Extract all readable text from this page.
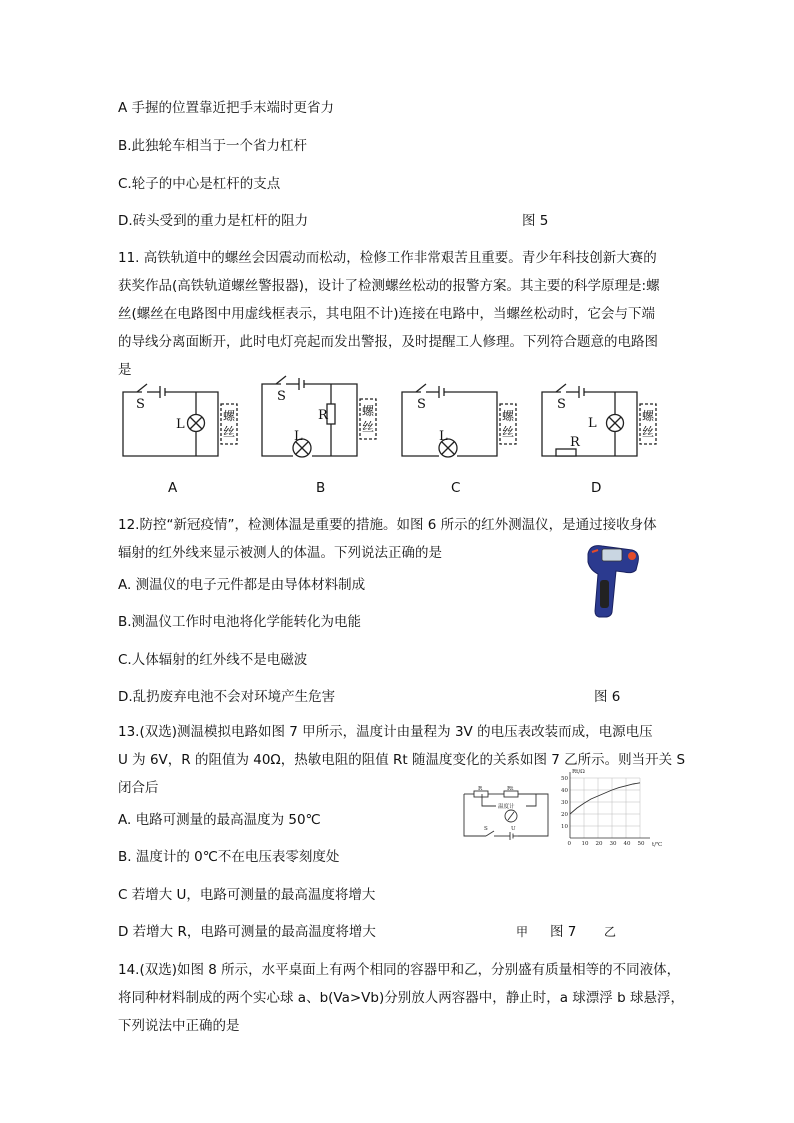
A 手握的位置靠近把手末端时更省力
B.此独轮车相当于一个省力杠杆
C.轮子的中心是杠杆的支点
D.砖头受到的重力是杠杆的阻力	图 5
11. 高铁轨道中的螺丝会因震动而松动，检修工作非常艰苦且重要。青少年科技创新大赛的
获奖作品(高铁轨道螺丝警报器)，设计了检测螺丝松动的报警方案。其主要的科学原理是:螺
丝(螺丝在电路图中用虚线框表示，其电阻不计)连接在电路中，当螺丝松动时，它会与下端
的导线分离面断开，此时电灯亮起而发出警报，及时提醒工人修理。下列符合题意的电路图
是
S
L
螺
丝
S
R
L
螺
丝
S
L
螺
丝
S
L
R
螺
丝
A	B	C	D
12.防控“新冠疫情”，检测体温是重要的措施。如图 6 所示的红外测温仪，是通过接收身体
辐射的红外线来显示被测人的体温。下列说法正确的是
A. 测温仪的电子元件都是由导体材料制成
B.测温仪工作时电池将化学能转化为电能
C.人体辐射的红外线不是电磁波
D.乱扔废弃电池不会对环境产生危害	图 6
13.(双选)测温模拟电路如图 7 甲所示，温度计由量程为 3V 的电压表改装而成，电源电压
U 为 6V，R 的阻值为 40Ω，热敏电阻的阻值 Rt 随温度变化的关系如图 7 乙所示。则当开关 S
闭合后	R	Rt
温度计
S	U
0 10 20 30 40 50
10
20
30
40
50
Rt/Ω
t/℃
A. 电路可测量的最高温度为 50℃
B. 温度计的 0℃不在电压表零刻度处
C 若增大 U，电路可测量的最高温度将增大
D 若增大 R，电路可测量的最高温度将增大	甲 图 7 乙
14.(双选)如图 8 所示，水平桌面上有两个相同的容器甲和乙，分别盛有质量相等的不同液体，
将同种材料制成的两个实心球 a、b(Va>Vb)分别放人两容器中，静止时，a 球漂浮 b 球悬浮，
下列说法中正确的是
